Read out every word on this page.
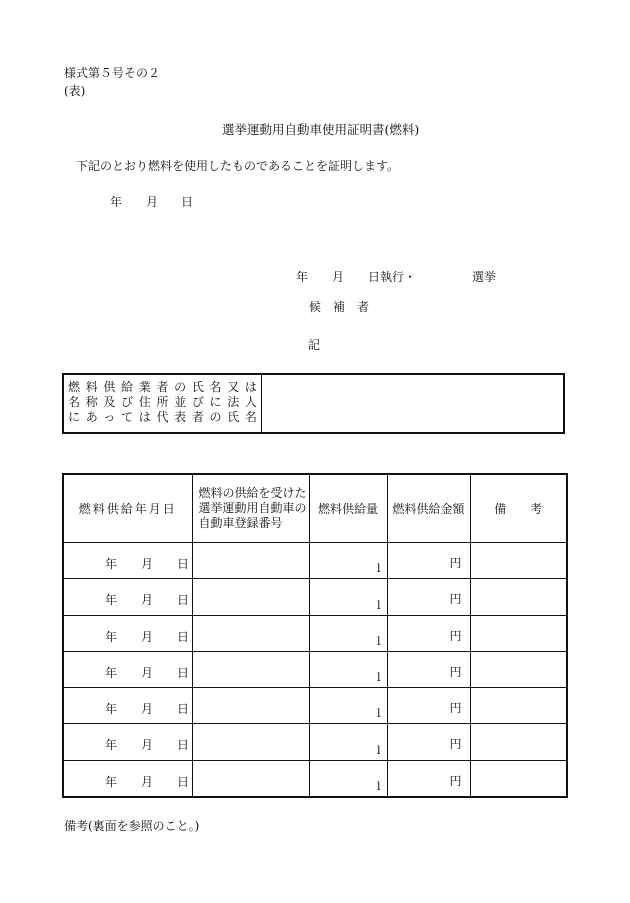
様式第５号その２
(表)
選挙運動用自動車使用証明書(燃料)
下記のとおり燃料を使用したものであることを証明します。
年 月 日
年 月 日執行・	選挙
候　補　者
記
燃 料 供 給 業 者 の 氏 名 又 は
名 称 及 び 住 所 並 び に 法 人
に あ っ て は 代 表 者 の 氏 名
燃料供給年月日	燃料の供給を受けた
選挙運動用自動車の
自動車登録番号	燃料供給量	燃料供給金額	備　　考

年 月 日		l	円	

年 月 日		l	円	

年 月 日		l	円	

年 月 日		l	円	

年 月 日		l	円	

年 月 日		l	円	

年 月 日		l	円	

備考(裏面を参照のこと。)
